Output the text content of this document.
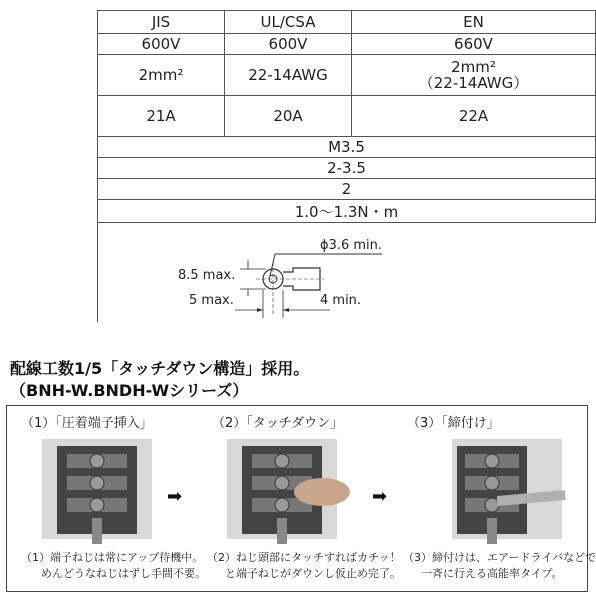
JIS	UL/CSA	EN
600V	600V	660V
2mm²	22-14AWG	2mm²
（22-14AWG）

21A	20A	22A
M3.5		
2-3.5		
2		
1.0〜1.3N・m		

ϕ3.6 min.
8.5 max.
5 max.	4 min.
配線工数1/5「タッチダウン構造」採用。
（BNH-W.BNDH-Wシリーズ）
（1）「圧着端子挿入」	（2）「タッチダウン」	（3）「締付け」
➡	➡
（1）端子ねじは常にアップ待機中。
めんどうなねじはずし手間不要。
（2）ねじ頭部にタッチすればカチッ！
と端子ねじがダウンし仮止め完了。
（3）締付けは、エアードライバなどで
一斉に行える高能率タイプ。
